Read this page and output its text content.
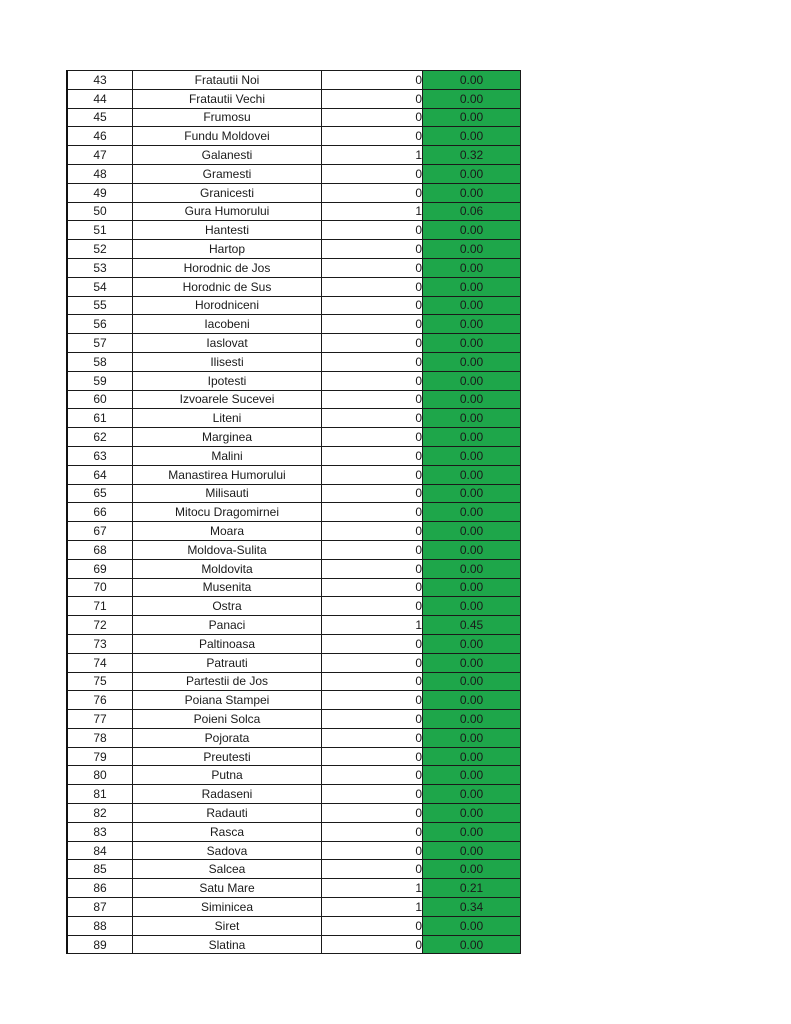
43	Fratautii Noi	0	0.00
44	Fratautii Vechi	0	0.00
45	Frumosu	0	0.00
46	Fundu Moldovei	0	0.00
47	Galanesti	1	0.32
48	Gramesti	0	0.00
49	Granicesti	0	0.00
50	Gura Humorului	1	0.06
51	Hantesti	0	0.00
52	Hartop	0	0.00
53	Horodnic de Jos	0	0.00
54	Horodnic de Sus	0	0.00
55	Horodniceni	0	0.00
56	Iacobeni	0	0.00
57	Iaslovat	0	0.00
58	Ilisesti	0	0.00
59	Ipotesti	0	0.00
60	Izvoarele Sucevei	0	0.00
61	Liteni	0	0.00
62	Marginea	0	0.00
63	Malini	0	0.00
64	Manastirea Humorului	0	0.00
65	Milisauti	0	0.00
66	Mitocu Dragomirnei	0	0.00
67	Moara	0	0.00
68	Moldova-Sulita	0	0.00
69	Moldovita	0	0.00
70	Musenita	0	0.00
71	Ostra	0	0.00
72	Panaci	1	0.45
73	Paltinoasa	0	0.00
74	Patrauti	0	0.00
75	Partestii de Jos	0	0.00
76	Poiana Stampei	0	0.00
77	Poieni Solca	0	0.00
78	Pojorata	0	0.00
79	Preutesti	0	0.00
80	Putna	0	0.00
81	Radaseni	0	0.00
82	Radauti	0	0.00
83	Rasca	0	0.00
84	Sadova	0	0.00
85	Salcea	0	0.00
86	Satu Mare	1	0.21
87	Siminicea	1	0.34
88	Siret	0	0.00
89	Slatina	0	0.00
